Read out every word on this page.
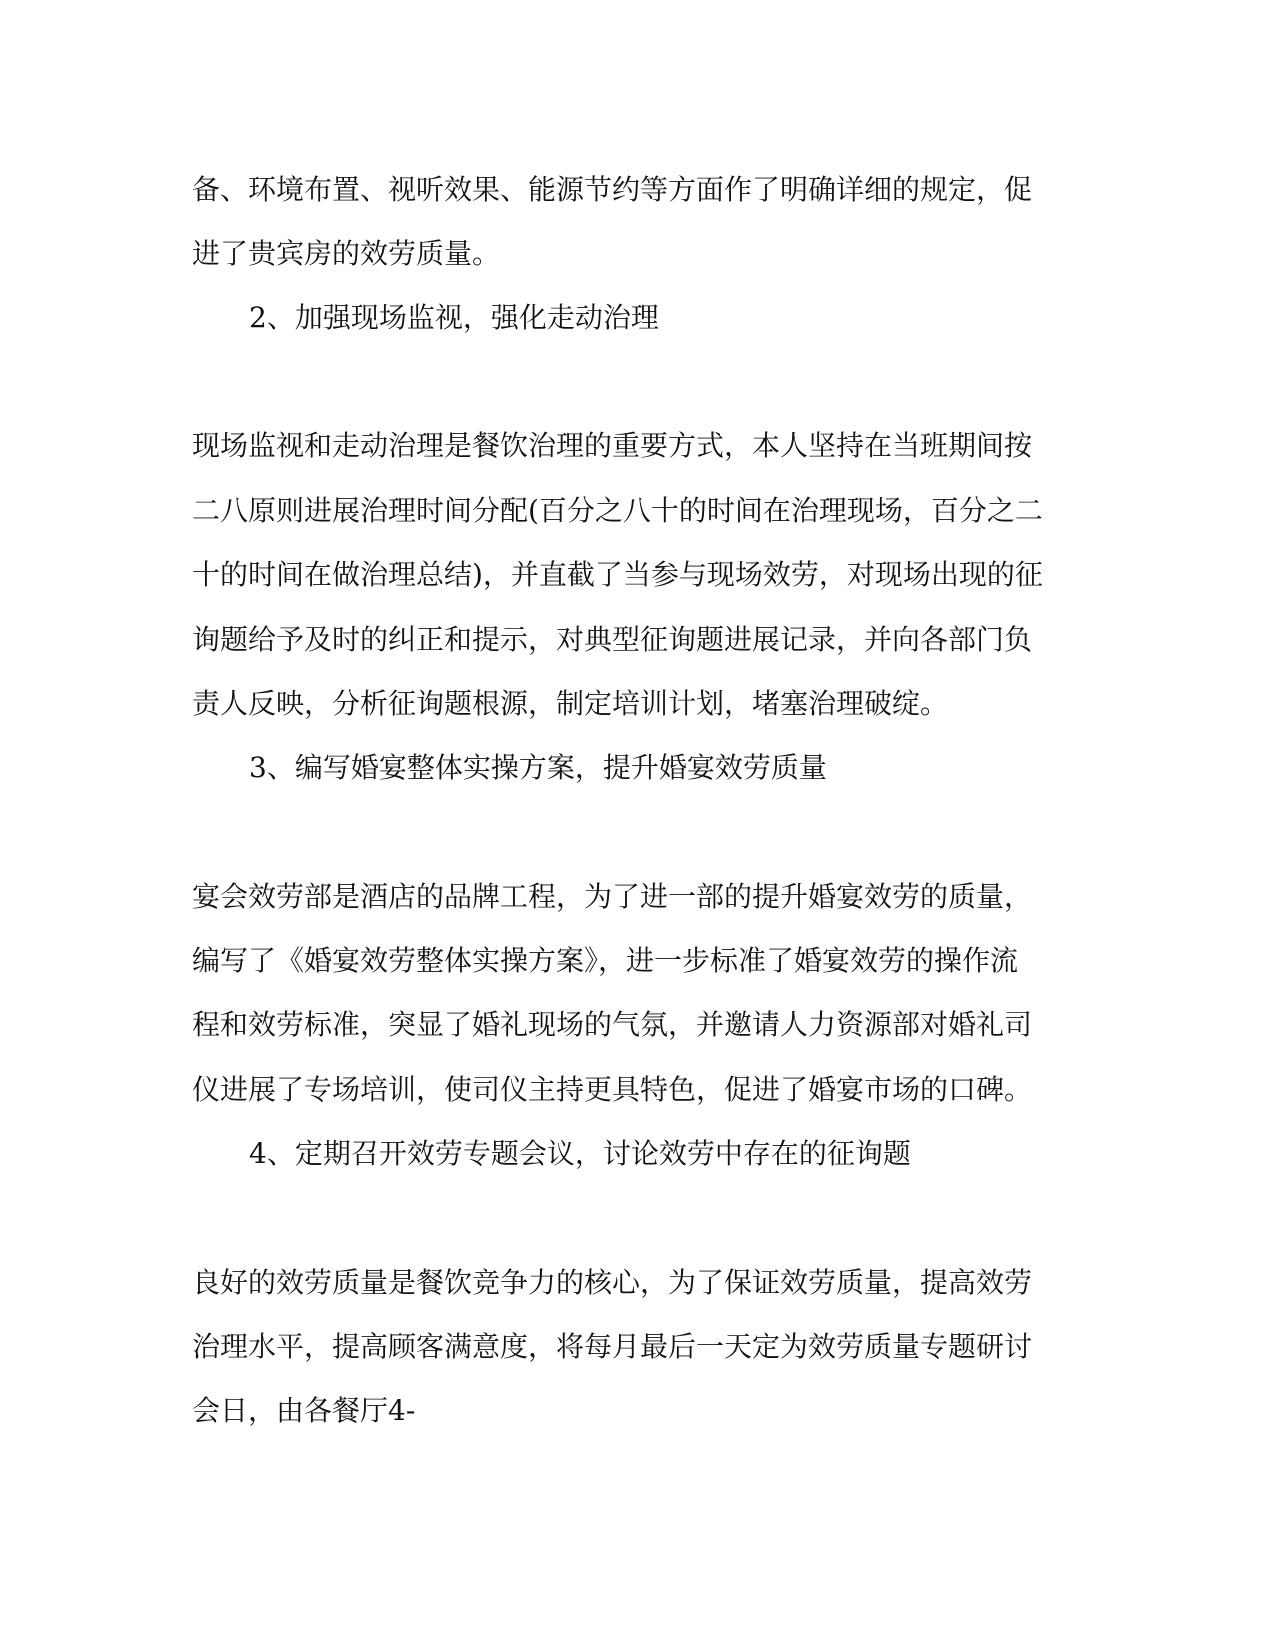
备、环境布置、视听效果、能源节约等方面作了明确详细的规定，促
进了贵宾房的效劳质量。
2、加强现场监视，强化走动治理
现场监视和走动治理是餐饮治理的重要方式，本人坚持在当班期间按
二八原则进展治理时间分配(百分之八十的时间在治理现场，百分之二
十的时间在做治理总结)，并直截了当参与现场效劳，对现场出现的征
询题给予及时的纠正和提示，对典型征询题进展记录，并向各部门负
责人反映，分析征询题根源，制定培训计划，堵塞治理破绽。
3、编写婚宴整体实操方案，提升婚宴效劳质量
宴会效劳部是酒店的品牌工程，为了进一部的提升婚宴效劳的质量，
编写了《婚宴效劳整体实操方案》，进一步标准了婚宴效劳的操作流
程和效劳标准，突显了婚礼现场的气氛，并邀请人力资源部对婚礼司
仪进展了专场培训，使司仪主持更具特色，促进了婚宴市场的口碑。
4、定期召开效劳专题会议，讨论效劳中存在的征询题
良好的效劳质量是餐饮竞争力的核心，为了保证效劳质量，提高效劳
治理水平，提高顾客满意度，将每月最后一天定为效劳质量专题研讨
会日，由各餐厅4-
